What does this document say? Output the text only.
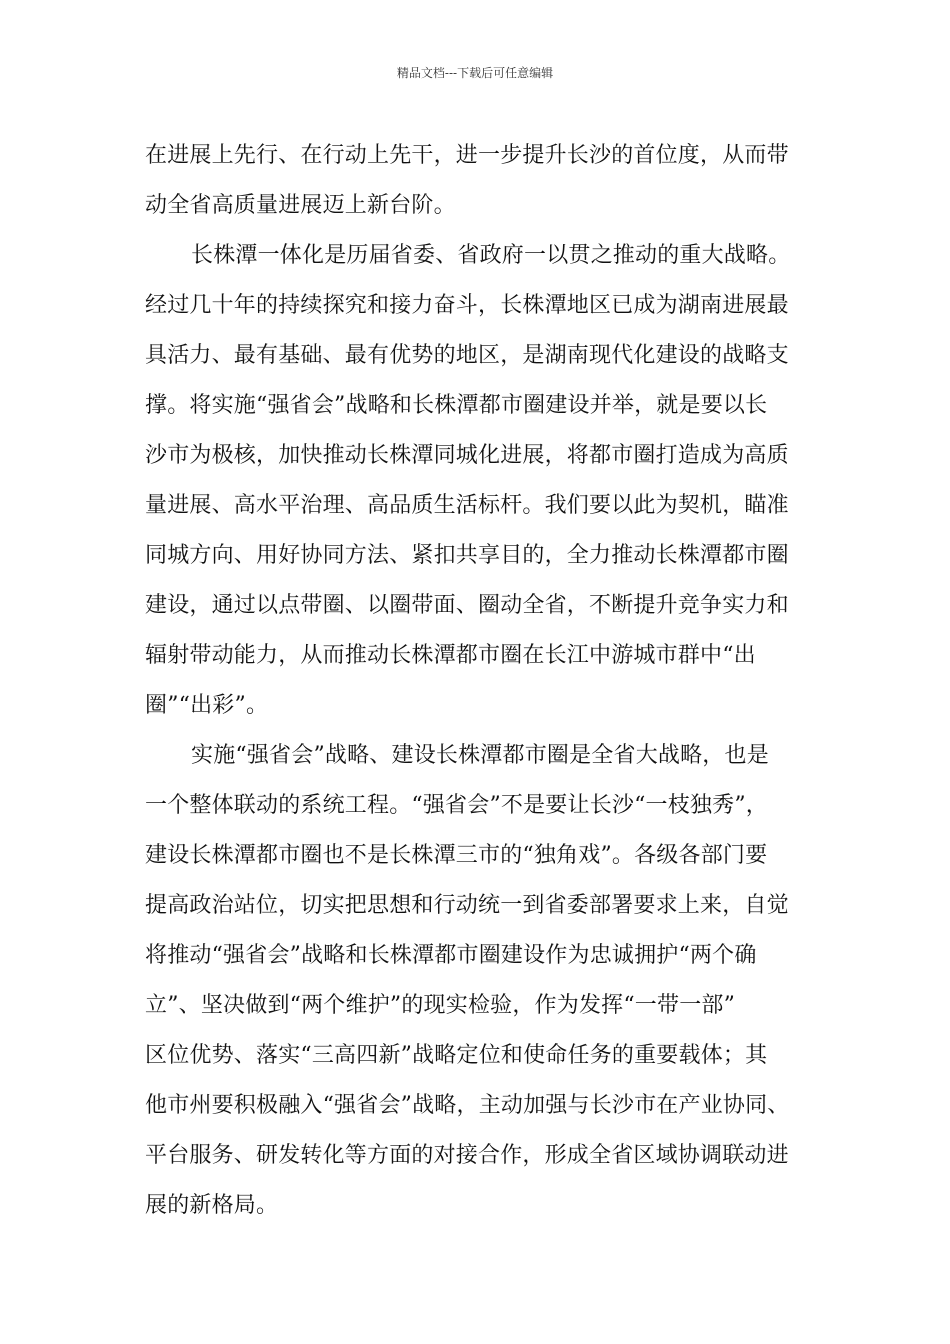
精品文档---下载后可任意编辑
在进展上先行、在行动上先干，进一步提升长沙的首位度，从而带
动全省高质量进展迈上新台阶。
长株潭一体化是历届省委、省政府一以贯之推动的重大战略。
经过几十年的持续探究和接力奋斗，长株潭地区已成为湖南进展最
具活力、最有基础、最有优势的地区，是湖南现代化建设的战略支
撑。将实施“强省会”战略和长株潭都市圈建设并举，就是要以长
沙市为极核，加快推动长株潭同城化进展，将都市圈打造成为高质
量进展、高水平治理、高品质生活标杆。我们要以此为契机，瞄准
同城方向、用好协同方法、紧扣共享目的，全力推动长株潭都市圈
建设，通过以点带圈、以圈带面、圈动全省，不断提升竞争实力和
辐射带动能力，从而推动长株潭都市圈在长江中游城市群中“出
圈”“出彩”。
实施“强省会”战略、建设长株潭都市圈是全省大战略，也是
一个整体联动的系统工程。“强省会”不是要让长沙“一枝独秀”，
建设长株潭都市圈也不是长株潭三市的“独角戏”。各级各部门要
提高政治站位，切实把思想和行动统一到省委部署要求上来，自觉
将推动“强省会”战略和长株潭都市圈建设作为忠诚拥护“两个确
立”、坚决做到“两个维护”的现实检验，作为发挥“一带一部”
区位优势、落实“三高四新”战略定位和使命任务的重要载体；其
他市州要积极融入“强省会”战略，主动加强与长沙市在产业协同、
平台服务、研发转化等方面的对接合作，形成全省区域协调联动进
展的新格局。
